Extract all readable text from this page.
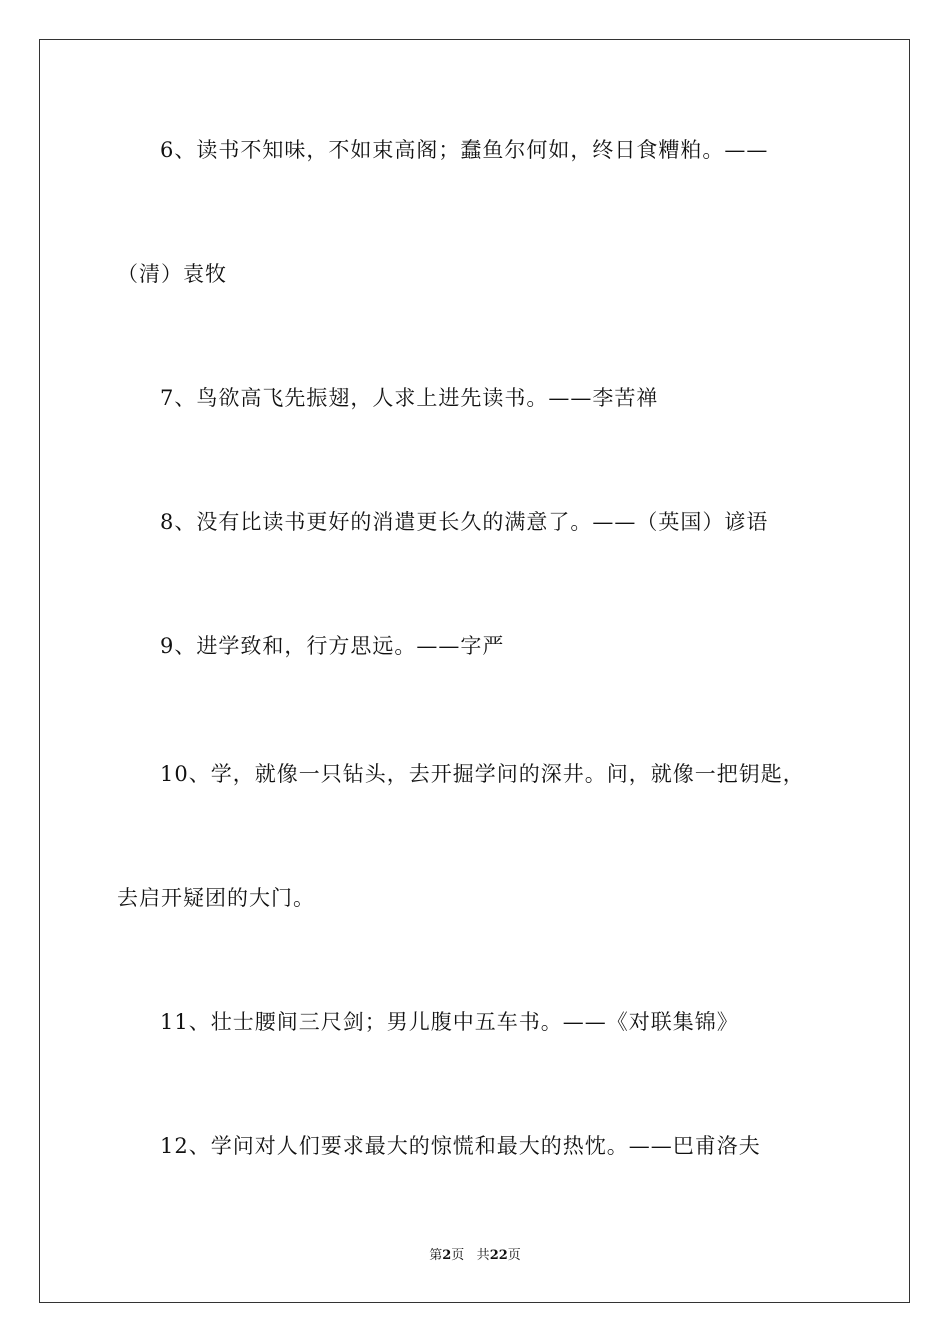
6、读书不知味，不如束高阁；蠢鱼尔何如，终日食糟粕。——
（清）袁牧
7、鸟欲高飞先振翅，人求上进先读书。——李苦禅
8、没有比读书更好的消遣更长久的满意了。——（英国）谚语
9、进学致和，行方思远。——字严
10、学，就像一只钻头，去开掘学问的深井。问，就像一把钥匙，
去启开疑团的大门。
11、壮士腰间三尺剑；男儿腹中五车书。——《对联集锦》
12、学问对人们要求最大的惊慌和最大的热忱。——巴甫洛夫
第2页 共22页
